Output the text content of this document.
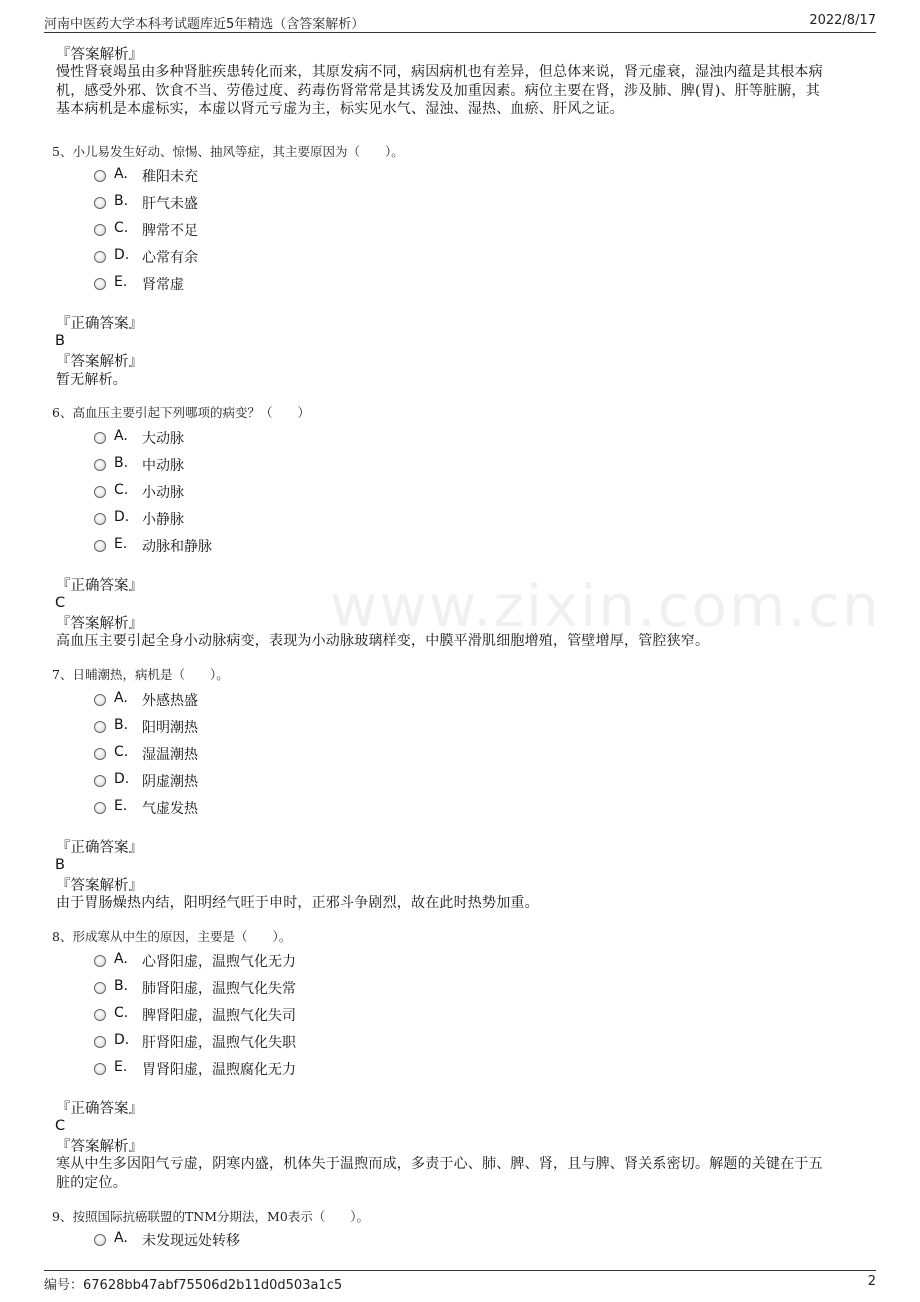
河南中医药大学本科考试题库近5年精选（含答案解析）	2022/8/17
www.zixin.com.cn
『答案解析』
慢性肾衰竭虽由多种肾脏疾患转化而来，其原发病不同，病因病机也有差异，但总体来说，肾元虚衰，湿浊内蕴是其根本病
机，感受外邪、饮食不当、劳倦过度、药毒伤肾常常是其诱发及加重因素。病位主要在肾，涉及肺、脾(胃)、肝等脏腑，其
基本病机是本虚标实，本虚以肾元亏虚为主，标实见水气、湿浊、湿热、血瘀、肝风之证。
5、小儿易发生好动、惊惕、抽风等症，其主要原因为（　　）。
A. 稚阳未充
B. 肝气未盛
C. 脾常不足
D. 心常有余
E. 肾常虚
『正确答案』
B
『答案解析』
暂无解析。
6、高血压主要引起下列哪项的病变？（　　）
A. 大动脉
B. 中动脉
C. 小动脉
D. 小静脉
E. 动脉和静脉
『正确答案』
C
『答案解析』
高血压主要引起全身小动脉病变，表现为小动脉玻璃样变，中膜平滑肌细胞增殖，管壁增厚，管腔狭窄。
7、日晡潮热，病机是（　　）。
A. 外感热盛
B. 阳明潮热
C. 湿温潮热
D. 阴虚潮热
E. 气虚发热
『正确答案』
B
『答案解析』
由于胃肠燥热内结，阳明经气旺于申时，正邪斗争剧烈，故在此时热势加重。
8、形成寒从中生的原因，主要是（　　）。
A. 心肾阳虚，温煦气化无力
B. 肺肾阳虚，温煦气化失常
C. 脾肾阳虚，温煦气化失司
D. 肝肾阳虚，温煦气化失职
E. 胃肾阳虚，温煦腐化无力
『正确答案』
C
『答案解析』
寒从中生多因阳气亏虚，阴寒内盛，机体失于温煦而成，多责于心、肺、脾、肾，且与脾、肾关系密切。解题的关键在于五
脏的定位。
9、按照国际抗癌联盟的TNM分期法，M0表示（　　）。
A. 未发现远处转移
编号：67628bb47abf75506d2b11d0d503a1c5	2
